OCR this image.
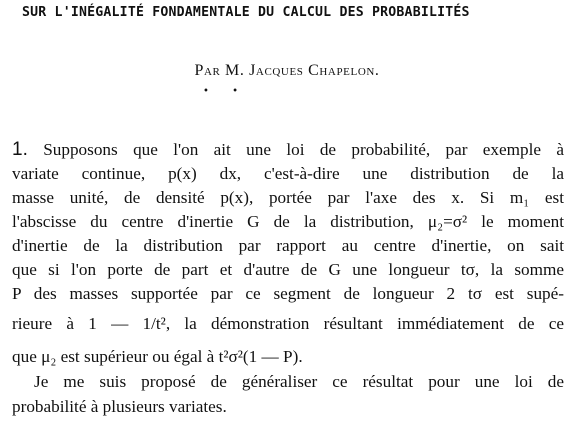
SUR L'INÉGALITÉ FONDAMENTALE DU CALCUL DES PROBABILITÉS
Par M. Jacques Chapelon.
• •
1. Supposons que l'on ait une loi de probabilité, par exemple à
variate continue, p(x) dx, c'est-à-dire une distribution de la
masse unité, de densité p(x), portée par l'axe des x. Si m₁ est
l'abscisse du centre d'inertie G de la distribution, μ₂=σ² le moment
d'inertie de la distribution par rapport au centre d'inertie, on sait
que si l'on porte de part et d'autre de G une longueur tσ, la somme
P des masses supportée par ce segment de longueur 2 tσ est supé-
rieure à 1 — 1/t², la démonstration résultant immédiatement de ce
que μ₂ est supérieur ou égal à t²σ²(1 — P).
Je me suis proposé de généraliser ce résultat pour une loi de
probabilité à plusieurs variates.
